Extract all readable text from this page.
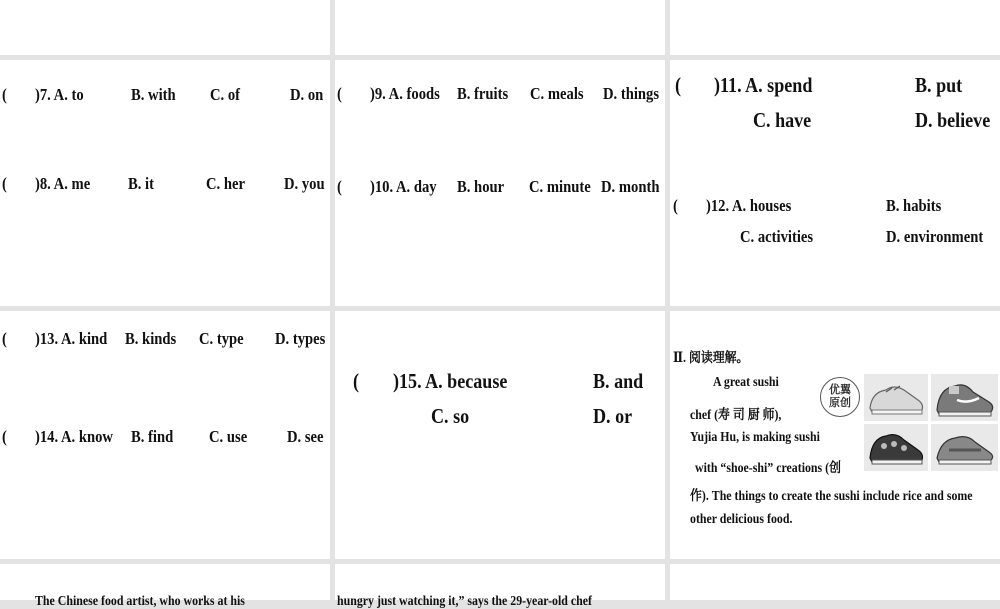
( )7. A. to	B. with C. of	D. on
( )8. A. me B. it	C. her D. you
( )9. A. foods B. fruits C. meals D. things
( )10. A. day B. hour C. minute D. month
( )11. A. spend	B. put
C. have	D. believe
( )12. A. houses	B. habits
C. activities	D. environment
( )13. A. kind B. kinds C. type D. types
( )14. A. know B. find C. use D. see
( )15. A. because	B. and
C. so	D. or
Ⅱ. 阅读理解。
A great sushi
优翼
原创
chef (寿 司 厨 师),
Yujia Hu, is making sushi
with “shoe-shi” creations (创
作). The things to create the sushi include rice and some
other delicious food.
The Chinese food artist, who works at his	hungry just watching it,” says the 29-year-old chef
